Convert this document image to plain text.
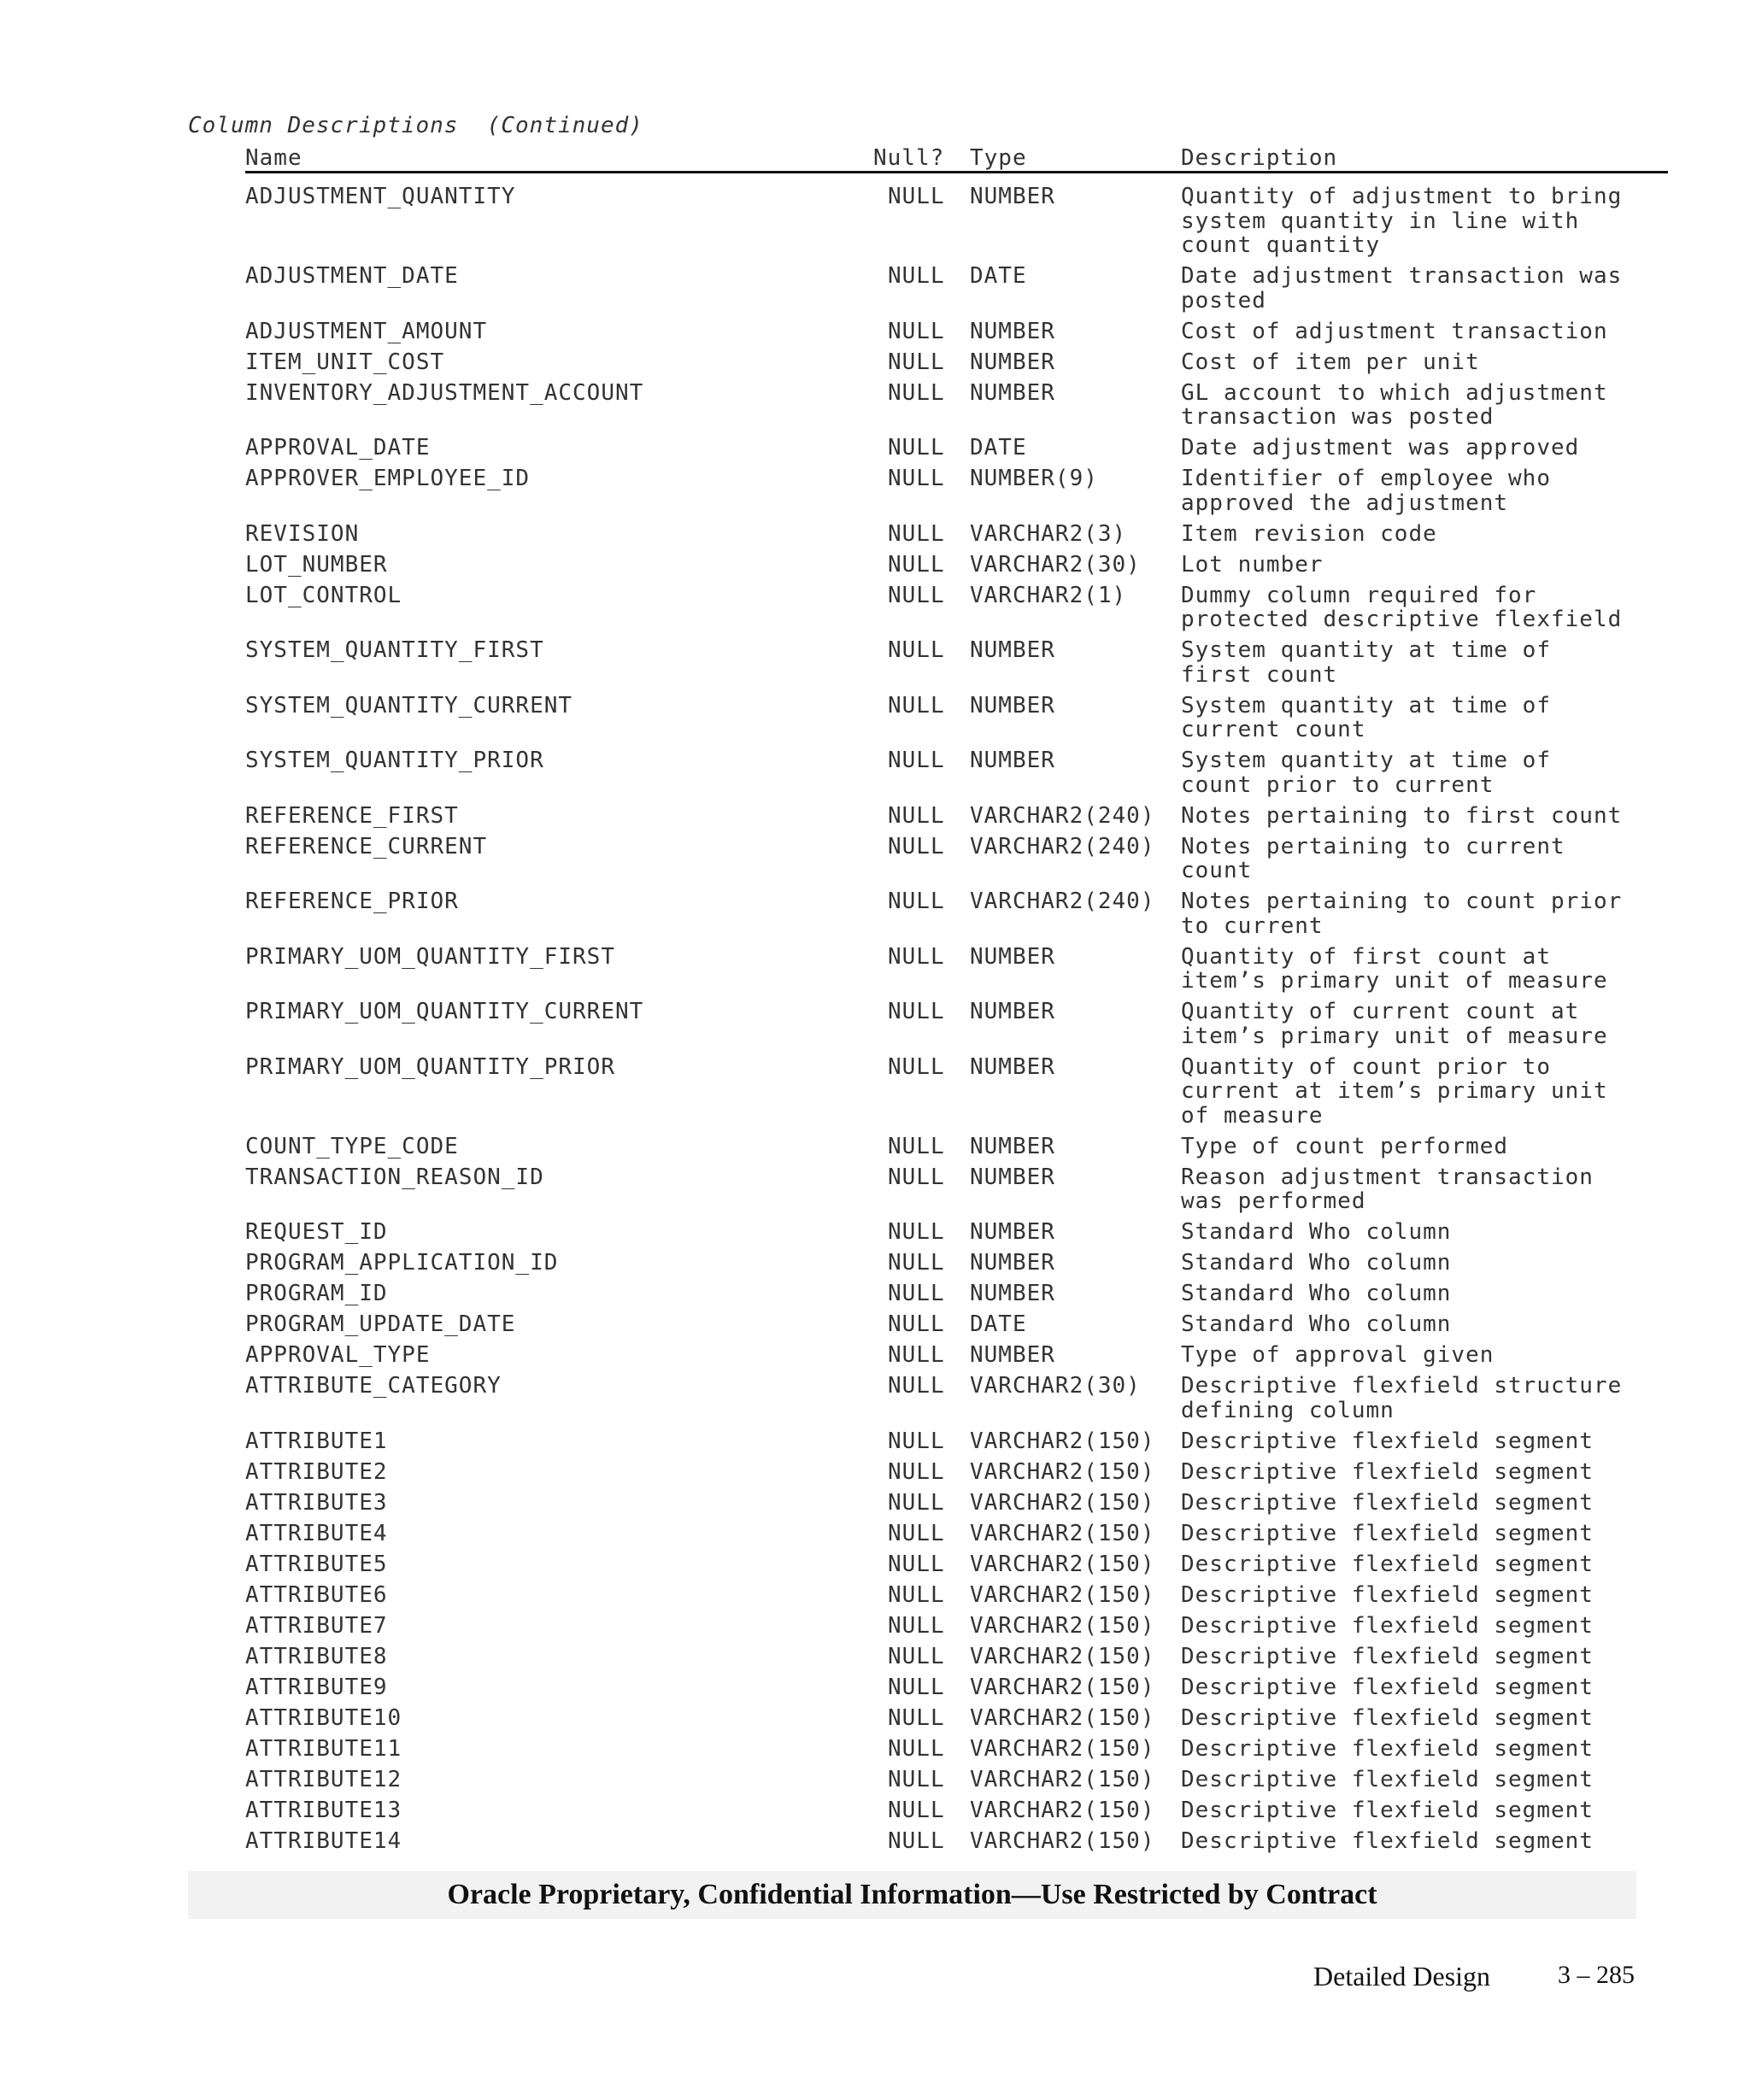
Column Descriptions  (Continued)
Name	Null? Type	Description
ADJUSTMENT_QUANTITY	NULL NUMBER	Quantity of adjustment to bring
system quantity in line with
count quantity
ADJUSTMENT_DATE	NULL DATE	Date adjustment transaction was
posted
ADJUSTMENT_AMOUNT	NULL NUMBER	Cost of adjustment transaction
ITEM_UNIT_COST	NULL NUMBER	Cost of item per unit
INVENTORY_ADJUSTMENT_ACCOUNT	NULL NUMBER	GL account to which adjustment
transaction was posted
APPROVAL_DATE	NULL DATE	Date adjustment was approved
APPROVER_EMPLOYEE_ID	NULL NUMBER(9)	Identifier of employee who
approved the adjustment
REVISION	NULL VARCHAR2(3) Item revision code
LOT_NUMBER	NULL VARCHAR2(30) Lot number
LOT_CONTROL	NULL VARCHAR2(1) Dummy column required for
protected descriptive flexfield
SYSTEM_QUANTITY_FIRST	NULL NUMBER	System quantity at time of
first count
SYSTEM_QUANTITY_CURRENT	NULL NUMBER	System quantity at time of
current count
SYSTEM_QUANTITY_PRIOR	NULL NUMBER	System quantity at time of
count prior to current
REFERENCE_FIRST	NULL VARCHAR2(240) Notes pertaining to first count
REFERENCE_CURRENT	NULL VARCHAR2(240) Notes pertaining to current
count
REFERENCE_PRIOR	NULL VARCHAR2(240) Notes pertaining to count prior
to current
PRIMARY_UOM_QUANTITY_FIRST	NULL NUMBER	Quantity of first count at
item’s primary unit of measure
PRIMARY_UOM_QUANTITY_CURRENT	NULL NUMBER	Quantity of current count at
item’s primary unit of measure
PRIMARY_UOM_QUANTITY_PRIOR	NULL NUMBER	Quantity of count prior to
current at item’s primary unit
of measure
COUNT_TYPE_CODE	NULL NUMBER	Type of count performed
TRANSACTION_REASON_ID	NULL NUMBER	Reason adjustment transaction
was performed
REQUEST_ID	NULL NUMBER	Standard Who column
PROGRAM_APPLICATION_ID	NULL NUMBER	Standard Who column
PROGRAM_ID	NULL NUMBER	Standard Who column
PROGRAM_UPDATE_DATE	NULL DATE	Standard Who column
APPROVAL_TYPE	NULL NUMBER	Type of approval given
ATTRIBUTE_CATEGORY	NULL VARCHAR2(30) Descriptive flexfield structure
defining column
ATTRIBUTE1	NULL VARCHAR2(150) Descriptive flexfield segment
ATTRIBUTE2	NULL VARCHAR2(150) Descriptive flexfield segment
ATTRIBUTE3	NULL VARCHAR2(150) Descriptive flexfield segment
ATTRIBUTE4	NULL VARCHAR2(150) Descriptive flexfield segment
ATTRIBUTE5	NULL VARCHAR2(150) Descriptive flexfield segment
ATTRIBUTE6	NULL VARCHAR2(150) Descriptive flexfield segment
ATTRIBUTE7	NULL VARCHAR2(150) Descriptive flexfield segment
ATTRIBUTE8	NULL VARCHAR2(150) Descriptive flexfield segment
ATTRIBUTE9	NULL VARCHAR2(150) Descriptive flexfield segment
ATTRIBUTE10	NULL VARCHAR2(150) Descriptive flexfield segment
ATTRIBUTE11	NULL VARCHAR2(150) Descriptive flexfield segment
ATTRIBUTE12	NULL VARCHAR2(150) Descriptive flexfield segment
ATTRIBUTE13	NULL VARCHAR2(150) Descriptive flexfield segment
ATTRIBUTE14	NULL VARCHAR2(150) Descriptive flexfield segment
Oracle Proprietary, Confidential Information––Use Restricted by Contract
Detailed Design	3 – 285
